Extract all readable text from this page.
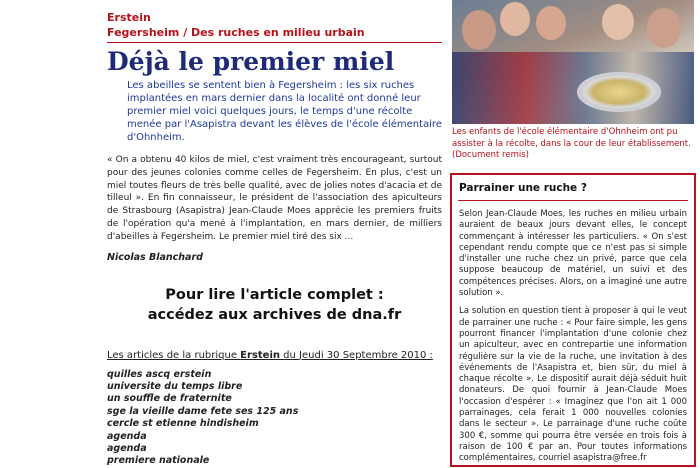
Erstein
Fegersheim / Des ruches en milieu urbain
Déjà le premier miel

Les abeilles se sentent bien à Fegersheim : les six ruches implantées en mars dernier dans la localité ont donné leur premier miel voici quelques jours, le temps d'une récolte menée par l'Asapistra devant les élèves de l'école élémentaire d'Ohnheim.

« On a obtenu 40 kilos de miel, c'est vraiment très encourageant, surtout pour des jeunes colonies comme celles de Fegersheim. En plus, c'est un miel toutes fleurs de très belle qualité, avec de jolies notes d'acacia et de tilleul ». En fin connaisseur, le président de l'association des apiculteurs de Strasbourg (Asapistra) Jean-Claude Moes apprécie les premiers fruits de l'opération qu'a mené à l'implantation, en mars dernier, de milliers d'abeilles à Fegersheim. Le premier miel tiré des six ...

Nicolas Blanchard

Pour lire l'article complet :
accédez aux archives de dna.fr
Les articles de la rubrique Erstein du Jeudi 30 Septembre 2010 :
quilles ascq erstein
universite du temps libre
un souffle de fraternite
sge la vieille dame fete ses 125 ans
cercle st etienne hindisheim
agenda
agenda
premiere nationale
Les enfants de l'école élémentaire d'Ohnheim ont pu assister à la récolte, dans la cour de leur établissement. (Document remis)
Parrainer une ruche ?

Selon Jean-Claude Moes, les ruches en milieu urbain auraient de beaux jours devant elles, le concept commençant à intéresser les particuliers. « On s'est cependant rendu compte que ce n'est pas si simple d'installer une ruche chez un privé, parce que cela suppose beaucoup de matériel, un suivi et des compétences précises. Alors, on a imaginé une autre solution ».

La solution en question tient à proposer à qui le veut de parrainer une ruche : « Pour faire simple, les gens pourront financer l'implantation d'une colonie chez un apiculteur, avec en contrepartie une information régulière sur la vie de la ruche, une invitation à des événements de l'Asapistra et, bien sûr, du miel à chaque récolte ». Le dispositif aurait déjà séduit huit donateurs. De quoi fournir à Jean-Claude Moes l'occasion d'espérer : « Imaginez que l'on ait 1 000 parrainages, cela ferait 1 000 nouvelles colonies dans le secteur ». Le parrainage d'une ruche coûte 300 €, somme qui pourra être versée en trois fois à raison de 100 € par an. Pour toutes informations complémentaires, courriel asapistra@free.fr
